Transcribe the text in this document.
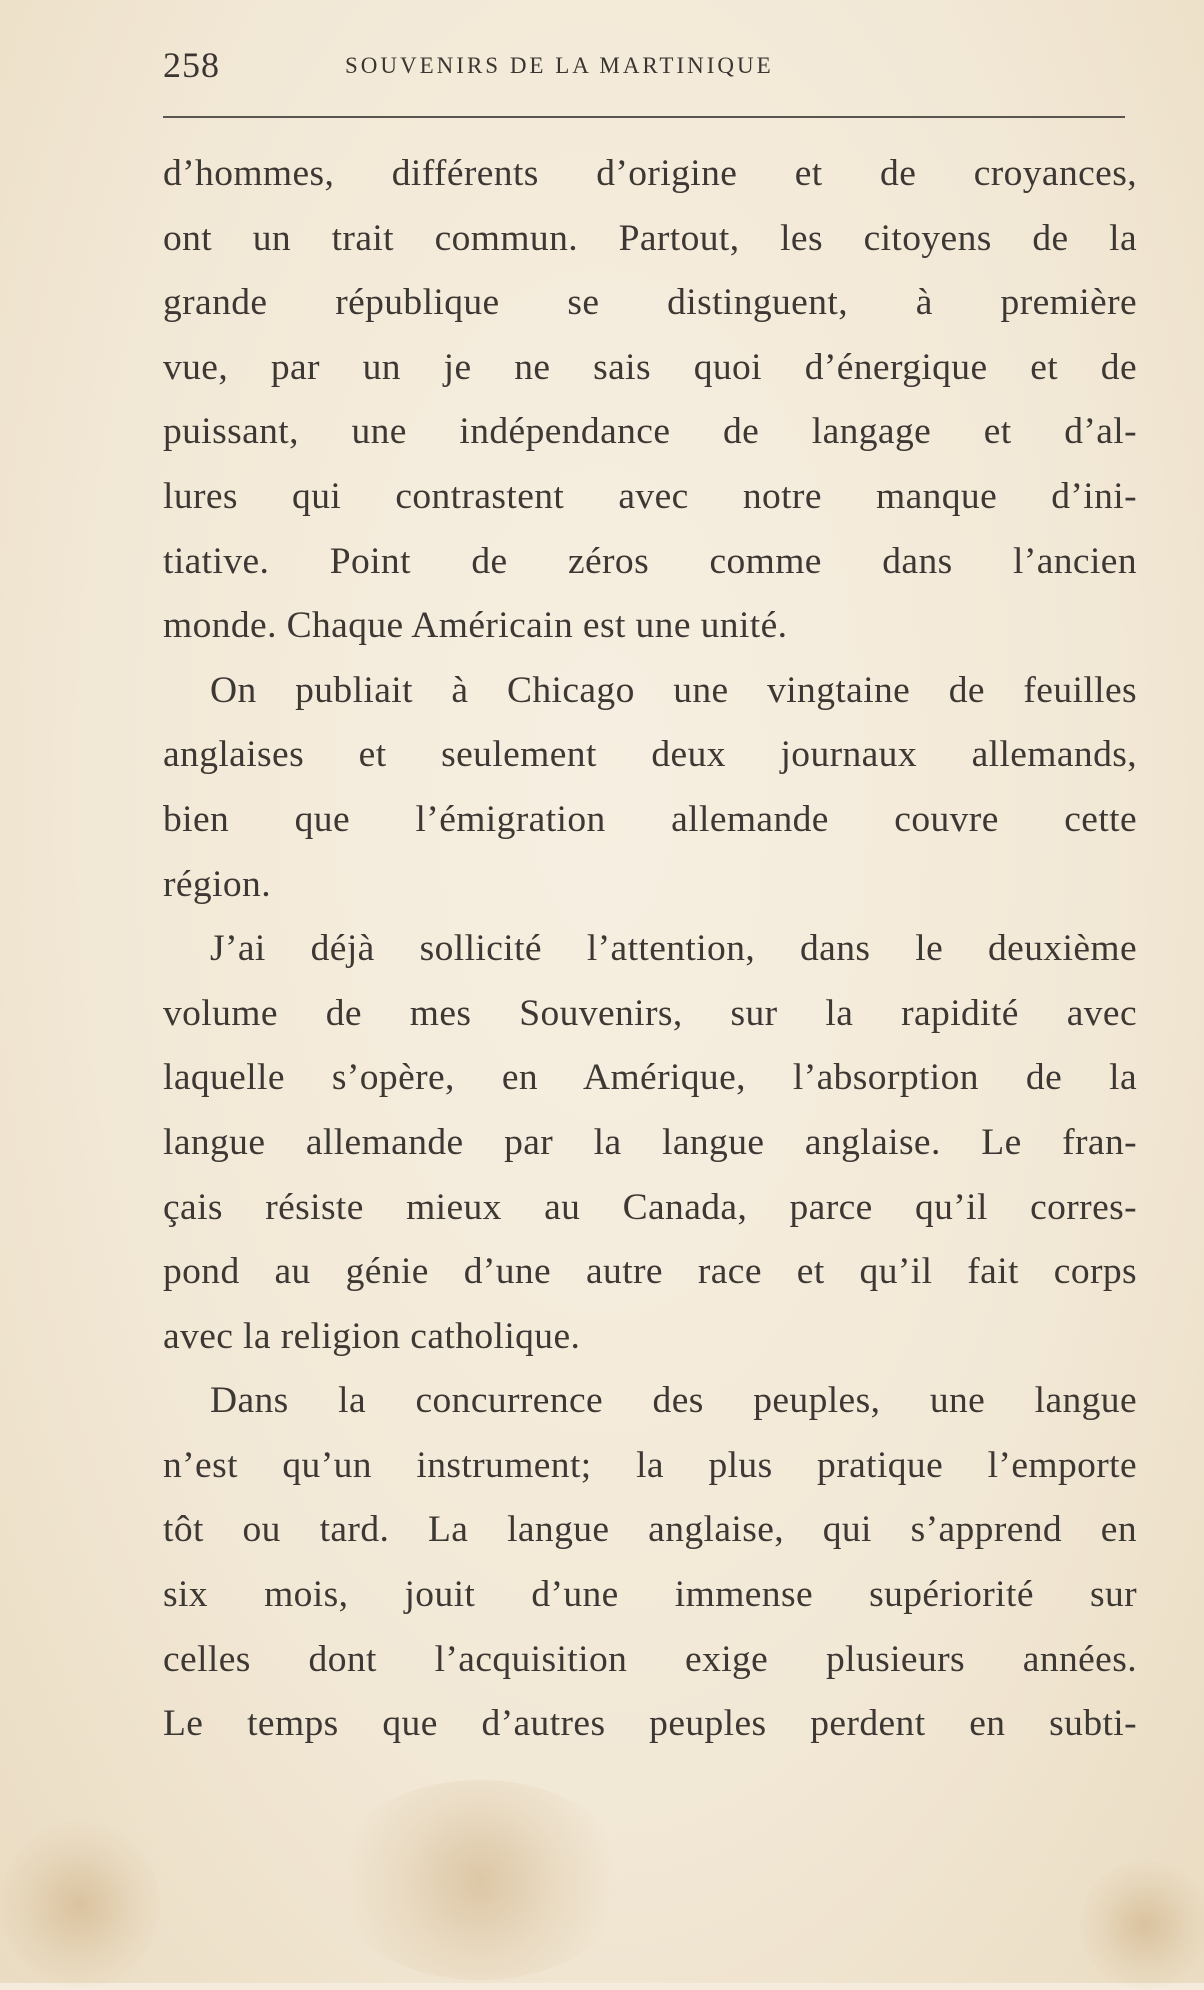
258	SOUVENIRS DE LA MARTINIQUE
d’hommes, différents d’origine et de croyances,
ont un trait commun. Partout, les citoyens de la
grande république se distinguent, à première
vue, par un je ne sais quoi d’énergique et de
puissant, une indépendance de langage et d’al-
lures qui contrastent avec notre manque d’ini-
tiative. Point de zéros comme dans l’ancien
monde. Chaque Américain est une unité.
On publiait à Chicago une vingtaine de feuilles
anglaises et seulement deux journaux allemands,
bien que l’émigration allemande couvre cette
région.
J’ai déjà sollicité l’attention, dans le deuxième
volume de mes Souvenirs, sur la rapidité avec
laquelle s’opère, en Amérique, l’absorption de la
langue allemande par la langue anglaise. Le fran-
çais résiste mieux au Canada, parce qu’il corres-
pond au génie d’une autre race et qu’il fait corps
avec la religion catholique.
Dans la concurrence des peuples, une langue
n’est qu’un instrument; la plus pratique l’emporte
tôt ou tard. La langue anglaise, qui s’apprend en
six mois, jouit d’une immense supériorité sur
celles dont l’acquisition exige plusieurs années.
Le temps que d’autres peuples perdent en subti-
